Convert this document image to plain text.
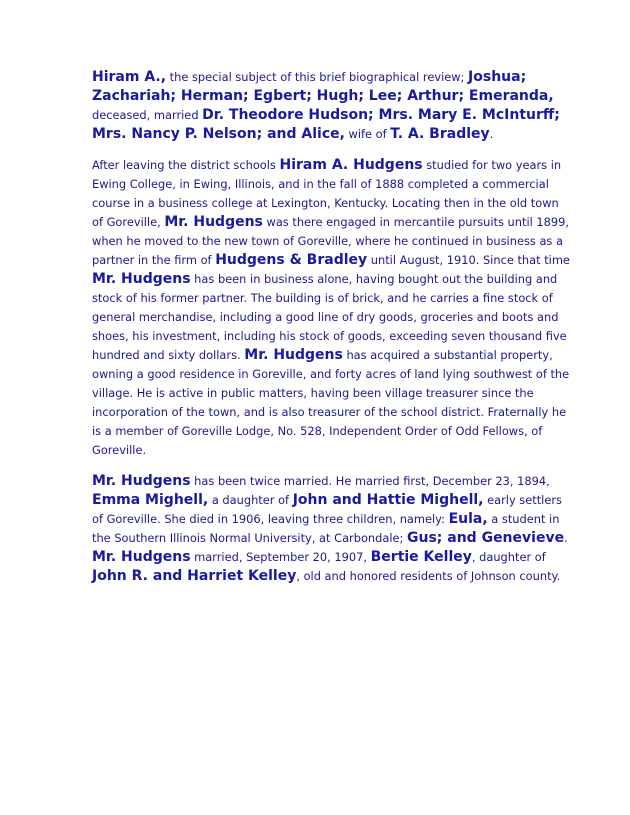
Hiram A., the special subject of this brief biographical review; Joshua; Zachariah; Herman; Egbert; Hugh; Lee; Arthur; Emeranda, deceased, married Dr. Theodore Hudson; Mrs. Mary E. McInturff; Mrs. Nancy P. Nelson; and Alice, wife of T. A. Bradley.

After leaving the district schools Hiram A. Hudgens studied for two years in Ewing College, in Ewing, Illinois, and in the fall of 1888 completed a commercial course in a business college at Lexington, Kentucky. Locating then in the old town of Goreville, Mr. Hudgens was there engaged in mercantile pursuits until 1899, when he moved to the new town of Goreville, where he continued in business as a partner in the firm of Hudgens & Bradley until August, 1910. Since that time Mr. Hudgens has been in business alone, having bought out the building and stock of his former partner. The building is of brick, and he carries a fine stock of general merchandise, including a good line of dry goods, groceries and boots and shoes, his investment, including his stock of goods, exceeding seven thousand five hundred and sixty dollars. Mr. Hudgens has acquired a substantial property, owning a good residence in Goreville, and forty acres of land lying southwest of the village. He is active in public matters, having been village treasurer since the incorporation of the town, and is also treasurer of the school district. Fraternally he is a member of Goreville Lodge, No. 528, Independent Order of Odd Fellows, of Goreville.

Mr. Hudgens has been twice married. He married first, December 23, 1894, Emma Mighell, a daughter of John and Hattie Mighell, early settlers of Goreville. She died in 1906, leaving three children, namely: Eula, a student in the Southern Illinois Normal University, at Carbondale; Gus; and Genevieve. Mr. Hudgens married, September 20, 1907, Bertie Kelley, daughter of John R. and Harriet Kelley, old and honored residents of Johnson county.
